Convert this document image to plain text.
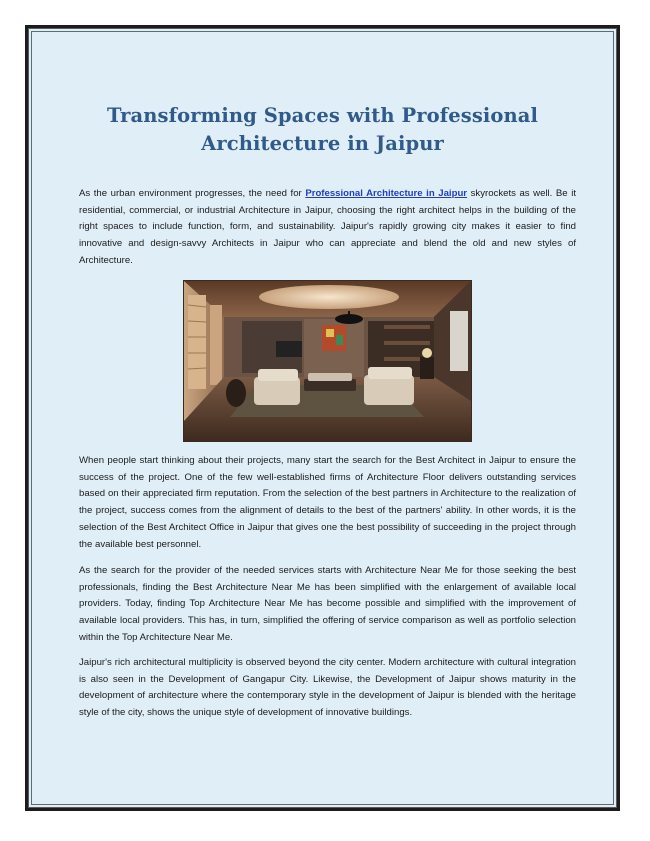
Transforming Spaces with Professional
Architecture in Jaipur

As the urban environment progresses, the need for Professional Architecture in Jaipur skyrockets as well. Be it residential, commercial, or industrial Architecture in Jaipur, choosing the right architect helps in the building of the right spaces to include function, form, and sustainability. Jaipur's rapidly growing city makes it easier to find innovative and design-savvy Architects in Jaipur who can appreciate and blend the old and new styles of Architecture.

When people start thinking about their projects, many start the search for the Best Architect in Jaipur to ensure the success of the project. One of the few well-established firms of Architecture Floor delivers outstanding services based on their appreciated firm reputation. From the selection of the best partners in Architecture to the realization of the project, success comes from the alignment of details to the best of the partners' ability. In other words, it is the selection of the Best Architect Office in Jaipur that gives one the best possibility of succeeding in the project through the available best personnel.

As the search for the provider of the needed services starts with Architecture Near Me for those seeking the best professionals, finding the Best Architecture Near Me has been simplified with the enlargement of available local providers. Today, finding Top Architecture Near Me has become possible and simplified with the improvement of available local providers. This has, in turn, simplified the offering of service comparison as well as portfolio selection within the Top Architecture Near Me.

Jaipur's rich architectural multiplicity is observed beyond the city center. Modern architecture with cultural integration is also seen in the Development of Gangapur City. Likewise, the Development of Jaipur shows maturity in the development of architecture where the contemporary style in the development of Jaipur is blended with the heritage style of the city, shows the unique style of development of innovative buildings.
